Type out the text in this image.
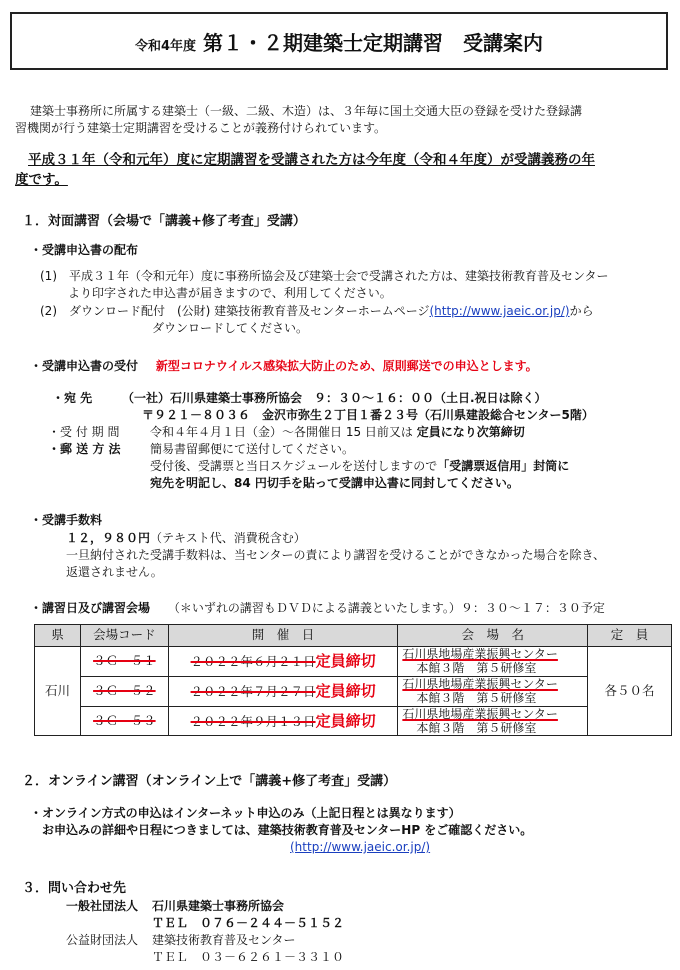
令和4年度 第１・２期建築士定期講習　受講案内
建築士事務所に所属する建築士（一級、二級、木造）は、３年毎に国土交通大臣の登録を受けた登録講
習機関が行う建築士定期講習を受けることが義務付けられています。
平成３１年（令和元年）度に定期講習を受講された方は今年度（令和４年度）が受講義務の年
度です。
１．対面講習（会場で「講義+修了考査」受講）
・受講申込書の配布
(1)　平成３１年（令和元年）度に事務所協会及び建築士会で受講された方は、建築技術教育普及センター
より印字された申込書が届きますので、利用してください。
(2)　ダウンロード配付　(公財) 建築技術教育普及センターホームページ(http://www.jaeic.or.jp/)から
ダウンロードしてください。
・受講申込書の受付 新型コロナウイルス感染拡大防止のため、原則郵送での申込とします。
・宛 先 （一社）石川県建築士事務所協会　９：３０～１６：００（土日.祝日は除く）
〒９２１－８０３６　金沢市弥生２丁目１番２３号（石川県建設総合センター5階）
・受 付 期 間	令和４年４月１日（金）～各開催日 15 日前又は 定員になり次第締切
・郵 送 方 法 簡易書留郵便にて送付してください。
受付後、受講票と当日スケジュールを送付しますので「受講票返信用」封筒に
宛先を明記し、84 円切手を貼って受講申込書に同封してください。
・受講手数料
１２，９８０円（テキスト代、消費税含む）
一旦納付された受講手数料は、当センターの責により講習を受けることができなかった場合を除き、
返還されません。
・講習日及び講習会場 （＊いずれの講習もＤＶＤによる講義といたします。）９：３０～１７：３０予定
県	会場コード	開　催　日	会　場　名	定　員
石川	３Ｃ－５１	２０２２年６月２１日定員締切	石川県地場産業振興センター
本館３階　第５研修室	各５０名
	３Ｃ－５２	２０２２年７月２７日定員締切	石川県地場産業振興センター
本館３階　第５研修室	

	３Ｃ－５３	２０２２年９月１３日定員締切	石川県地場産業振興センター
本館３階　第５研修室	
２．オンライン講習（オンライン上で「講義+修了考査」受講）
・オンライン方式の申込はインターネット申込のみ（上記日程とは異なります）
お申込みの詳細や日程につきましては、建築技術教育普及センターHP をご確認ください。
(http://www.jaeic.or.jp/)
３．問い合わせ先
一般社団法人 石川県建築士事務所協会
ＴＥＬ　０７６－２４４－５１５２
公益財団法人 建築技術教育普及センター
ＴＥＬ　０３－６２６１－３３１０
